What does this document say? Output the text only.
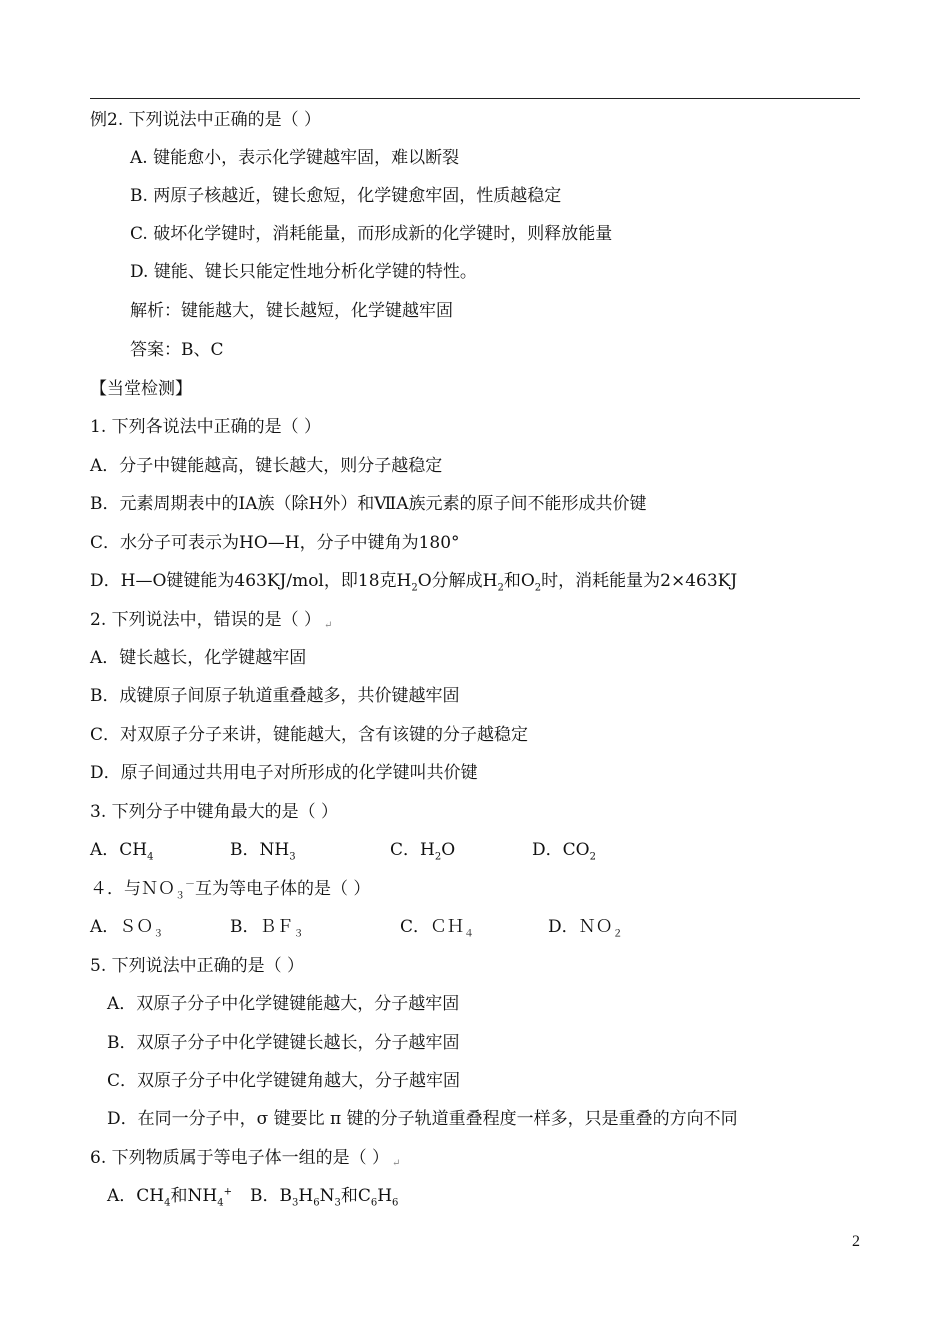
例2. 下列说法中正确的是（ ）
A. 键能愈小，表示化学键越牢固，难以断裂
B. 两原子核越近，键长愈短，化学键愈牢固，性质越稳定
C. 破坏化学键时，消耗能量，而形成新的化学键时，则释放能量
D. 键能、键长只能定性地分析化学键的特性。
解析：键能越大，键长越短，化学键越牢固
答案：B、C
【当堂检测】
1. 下列各说法中正确的是（ ）
A．分子中键能越高，键长越大，则分子越稳定
B．元素周期表中的ⅠA族（除H外）和ⅦA族元素的原子间不能形成共价键
C．水分子可表示为HO—H，分子中键角为180°
D．H—O键键能为463KJ/mol，即18克$H_2O$分解成$H_2$和$O_2$时，消耗能量为2×463KJ
2. 下列说法中，错误的是（ ） ↵
A．键长越长，化学键越牢固
B．成键原子间原子轨道重叠越多，共价键越牢固
C．对双原子分子来讲，键能越大，含有该键的分子越稳定
D．原子间通过共用电子对所形成的化学键叫共价键
3. 下列分子中键角最大的是（ ）
A．$CH_4$	B．$NH_3$	C．$H_2O$	D．$CO_2$
４．与ＮＯ$_3$－互为等电子体的是（ ）
A．ＳＯ$_3$	B．ＢＦ$_3$	C．ＣＨ$_4$	D．ＮＯ$_2$
5. 下列说法中正确的是（ ）
A．双原子分子中化学键键能越大，分子越牢固
B．双原子分子中化学键键长越长，分子越牢固
C．双原子分子中化学键键角越大，分子越牢固
D．在同一分子中，σ 键要比 π 键的分子轨道重叠程度一样多，只是重叠的方向不同
6. 下列物质属于等电子体一组的是（ ） ↵
A．$CH_4$和$NH_4^+$ B．$B_3H_6N_3$和$C_6H_6$
2
